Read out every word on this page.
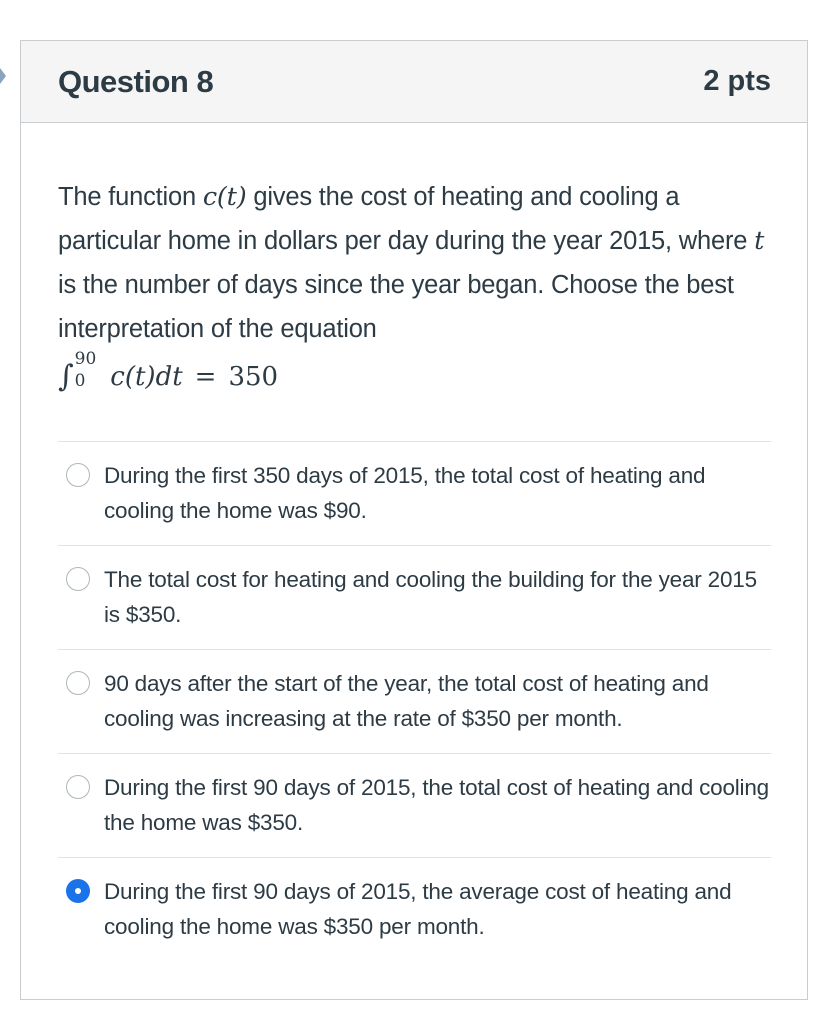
Question 8	2 pts
The function c(t) gives the cost of heating and cooling a particular home in dollars per day during the year 2015, where t is the number of days since the year began. Choose the best interpretation of the equation
∫ 90
0 c(t)dt = 350
During the first 350 days of 2015, the total cost of heating and cooling the home was $90.
The total cost for heating and cooling the building for the year 2015 is $350.
90 days after the start of the year, the total cost of heating and cooling was increasing at the rate of $350 per month.
During the first 90 days of 2015, the total cost of heating and cooling the home was $350.
During the first 90 days of 2015, the average cost of heating and cooling the home was $350 per month.
